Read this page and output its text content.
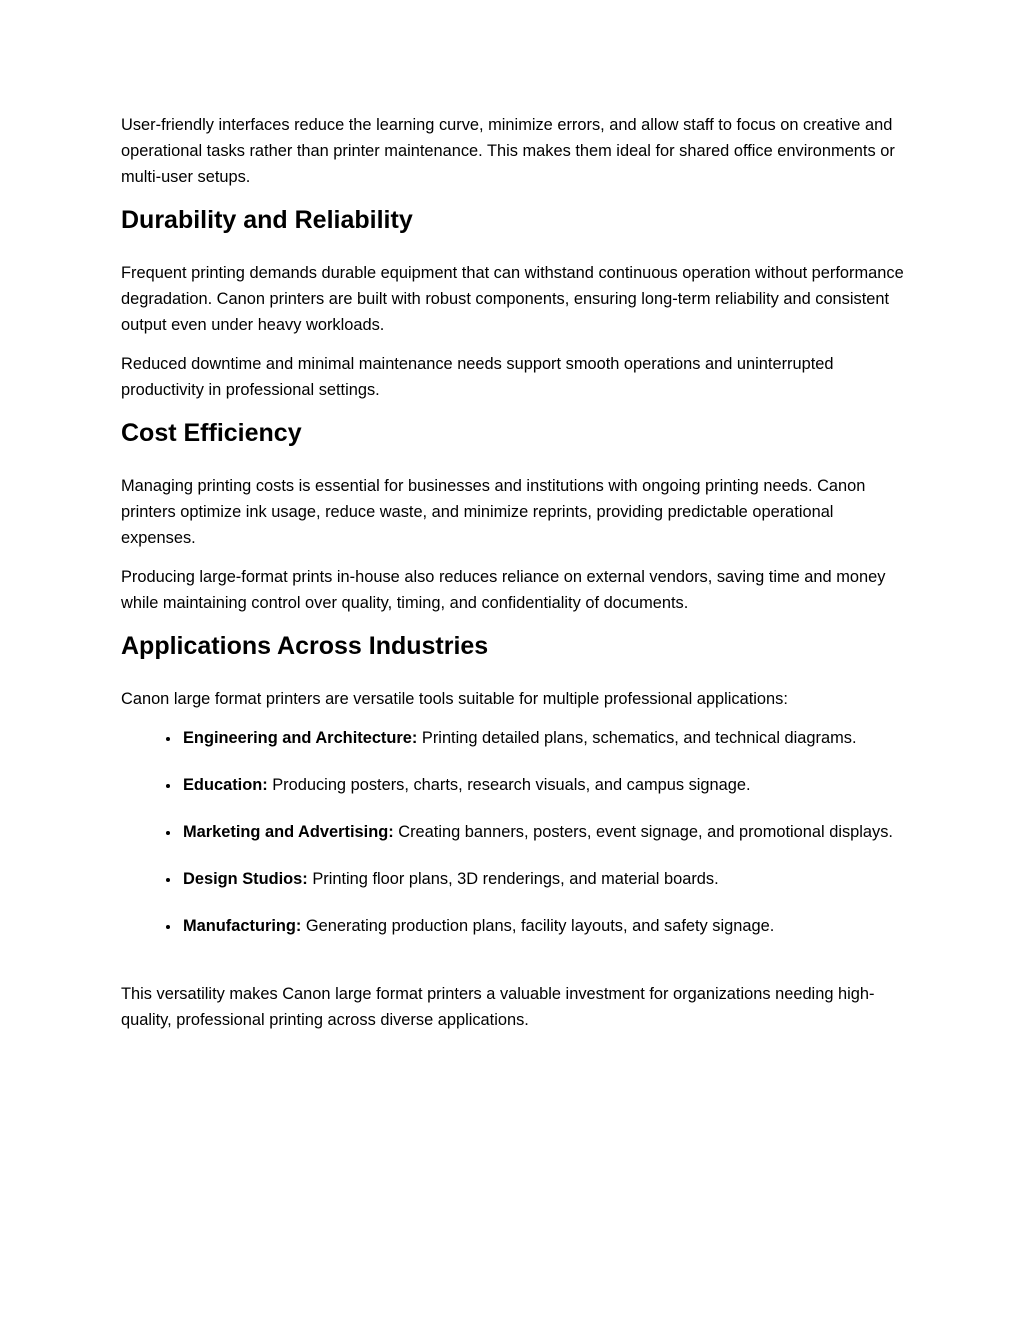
User-friendly interfaces reduce the learning curve, minimize errors, and allow staff to focus on creative and operational tasks rather than printer maintenance. This makes them ideal for shared office environments or multi-user setups.

Durability and Reliability

Frequent printing demands durable equipment that can withstand continuous operation without performance degradation. Canon printers are built with robust components, ensuring long-term reliability and consistent output even under heavy workloads.

Reduced downtime and minimal maintenance needs support smooth operations and uninterrupted productivity in professional settings.

Cost Efficiency

Managing printing costs is essential for businesses and institutions with ongoing printing needs. Canon printers optimize ink usage, reduce waste, and minimize reprints, providing predictable operational expenses.

Producing large-format prints in-house also reduces reliance on external vendors, saving time and money while maintaining control over quality, timing, and confidentiality of documents.

Applications Across Industries

Canon large format printers are versatile tools suitable for multiple professional applications:

• Engineering and Architecture: Printing detailed plans, schematics, and technical diagrams.
• Education: Producing posters, charts, research visuals, and campus signage.
• Marketing and Advertising: Creating banners, posters, event signage, and promotional displays.
• Design Studios: Printing floor plans, 3D renderings, and material boards.
• Manufacturing: Generating production plans, facility layouts, and safety signage.

This versatility makes Canon large format printers a valuable investment for organizations needing high-quality, professional printing across diverse applications.
